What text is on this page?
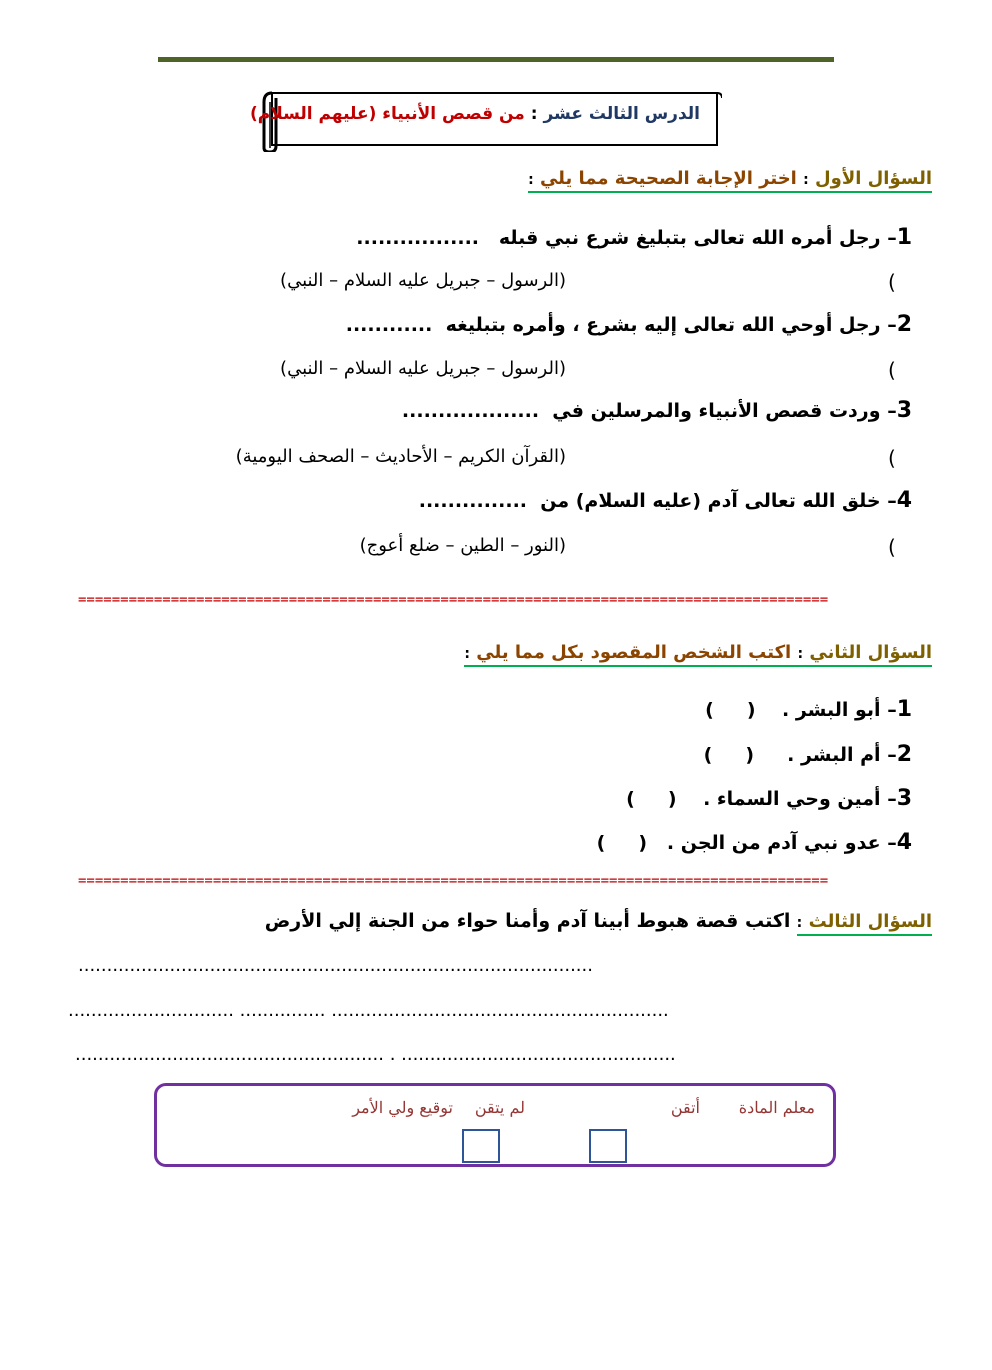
الدرس الثالث عشر : من قصص الأنبياء (عليهم السلام)
السؤال الأول : اختر الإجابة الصحيحة مما يلي :
1– رجل أمره الله تعالى بتبليغ شرع نبي قبله   .................
(
(الرسول – جبريل عليه السلام – النبي)
2– رجل أوحي الله تعالى إليه بشرع ، وأمره بتبليغه  ............
(
(الرسول – جبريل عليه السلام – النبي)
3– وردت قصص الأنبياء والمرسلين في  ...................
(
(القرآن الكريم – الأحاديث – الصحف اليومية)
4– خلق الله تعالى آدم (عليه السلام) من  ...............
(
(النور – الطين – ضلع أعوج)
=========================================================================================
السؤال الثاني : اكتب الشخص المقصود بكل مما يلي :
1– أبو البشر .    (     )
2– أم البشر .     (     )
3– أمين وحي السماء .    (     )
4– عدو نبي آدم من الجن .   (     )
=========================================================================================
السؤال الثالث : اكتب قصة هبوط أبينا آدم وأمنا حواء من الجنة إلي الأرض
..........................................................................................
............................. ............... ...........................................................
...................................................... . ................................................
معلم المادة
أتقن
لم يتقن
توقيع ولي الأمر
